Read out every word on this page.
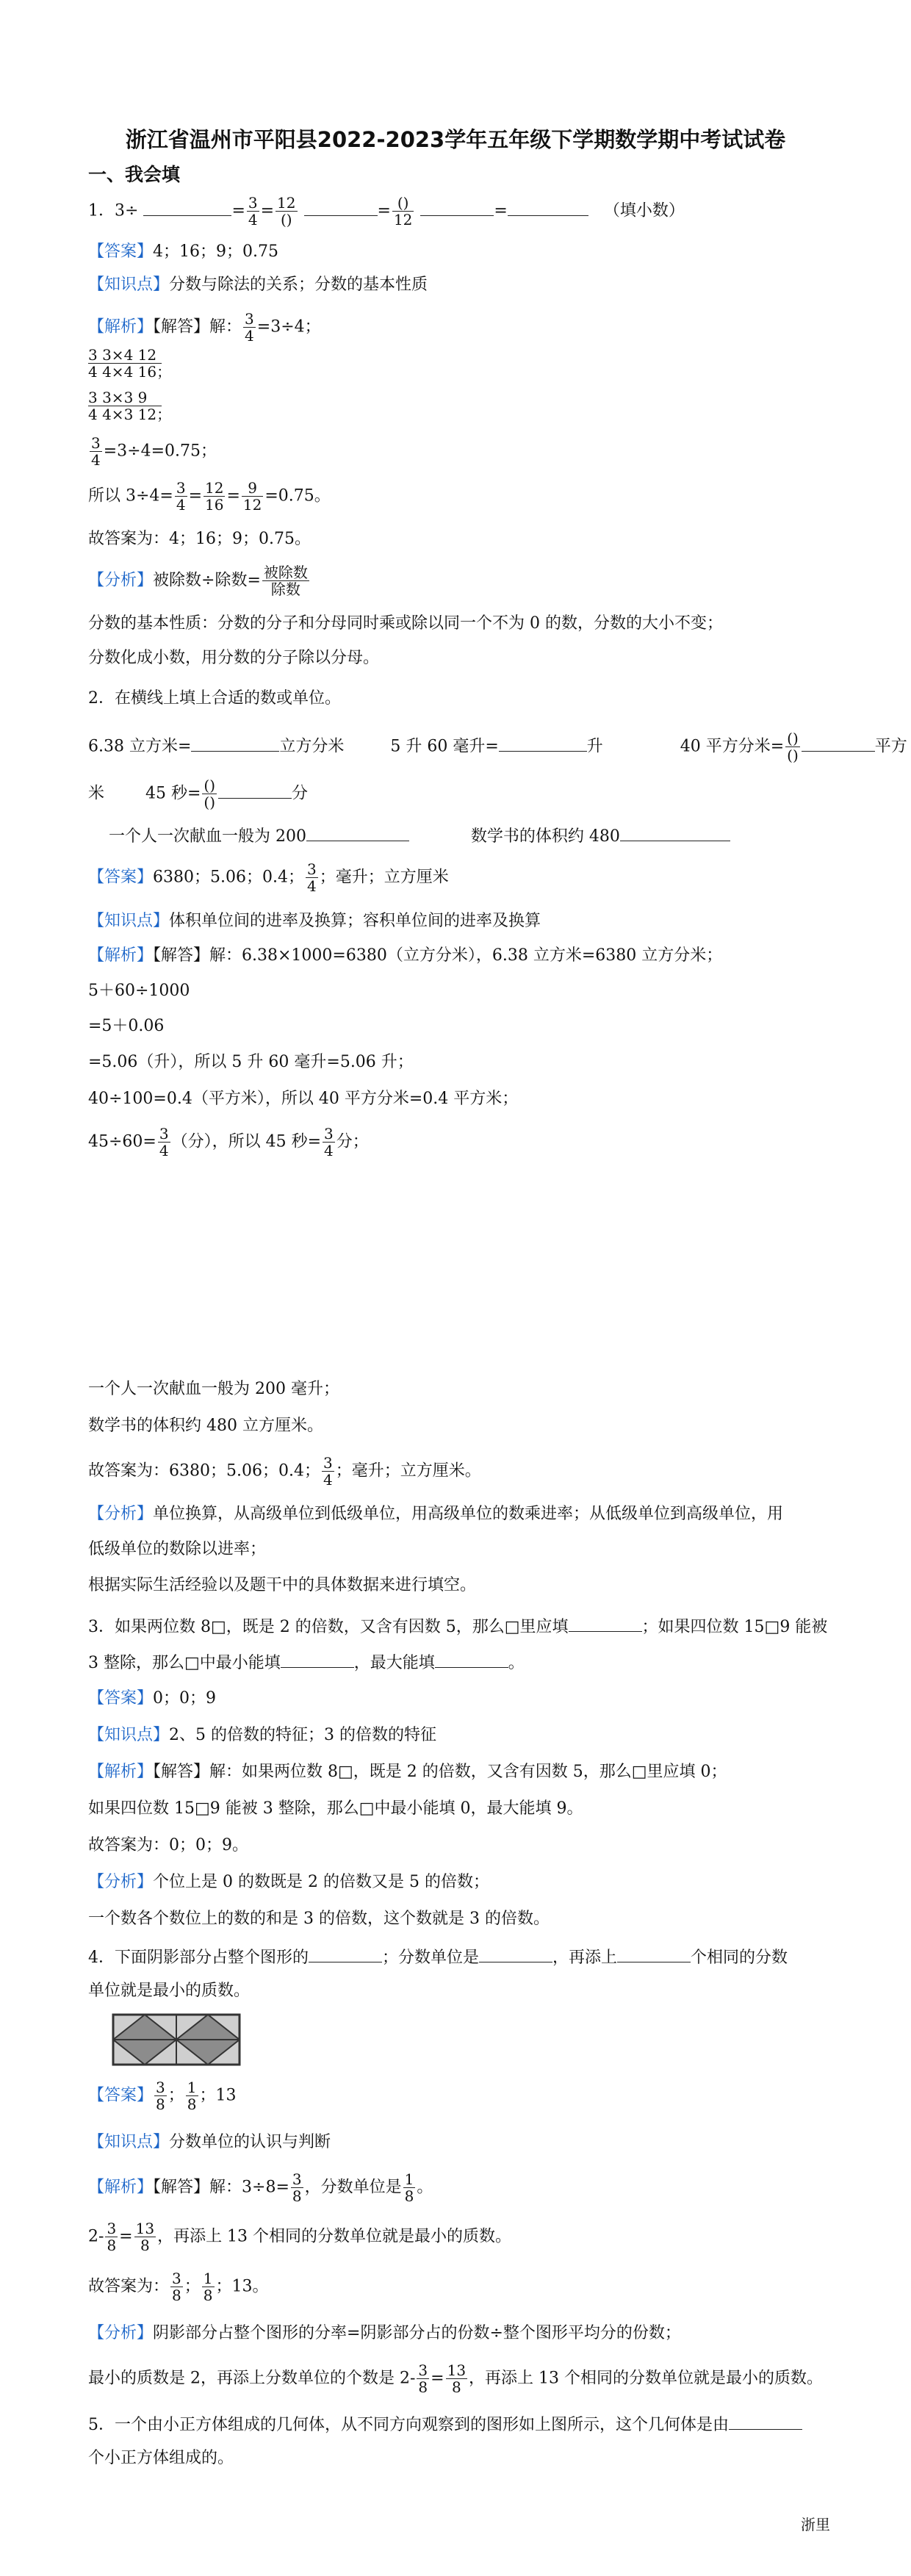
浙江省温州市平阳县2022-2023学年五年级下学期数学期中考试试卷
一、我会填
1．3÷	= $\frac{3}{4} = \frac{12}{()}$	= $\frac{()}{12}$	=	（填小数）
【答案】4；16；9；0.75
【知识点】分数与除法的关系；分数的基本性质
【解析】【解答】解： $\frac{3}{4} =3\div 4$；
3 3×4 12
4 4×4 16；
3 3×3 9
4 4×3 12；
$\frac{3}{4} =3\div 4=0.75$；
所以 $3\div 4= \frac{3}{4} = \frac{12}{16} = \frac{9}{12} =0.75$。
故答案为：4；16；9；0.75。
【分析】被除数÷除数= $\frac{\text{被除数}}{\text{除数}}$
分数的基本性质：分数的分子和分母同时乘或除以同一个不为 0 的数，分数的大小不变；
分数化成小数，用分数的分子除以分母。
2．在横线上填上合适的数或单位。
6.38 立方米=	立方分米	5 升 60 毫升=	升	40 平方分米= $\frac{()}{()}$	平方
米	45 秒= $\frac{()}{()}$	分
一个人一次献血一般为 200	数学书的体积约 480
【答案】6380；5.06；0.4； $\frac{3}{4}$ ；毫升；立方厘米
【知识点】体积单位间的进率及换算；容积单位间的进率及换算
【解析】【解答】解：6.38×1000=6380（立方分米），6.38 立方米=6380 立方分米；
5＋60÷1000
=5＋0.06
=5.06（升），所以 5 升 60 毫升=5.06 升；
40÷100=0.4（平方米），所以 40 平方分米=0.4 平方米；
$45\div 60= \frac{3}{4}$ （分），所以 45 秒= $\frac{3}{4}$ 分；
一个人一次献血一般为 200 毫升；
数学书的体积约 480 立方厘米。
故答案为：6380；5.06；0.4； $\frac{3}{4}$ ；毫升；立方厘米。
【分析】单位换算，从高级单位到低级单位，用高级单位的数乘进率；从低级单位到高级单位，用
低级单位的数除以进率；
根据实际生活经验以及题干中的具体数据来进行填空。
3．如果两位数 8□，既是 2 的倍数，又含有因数 5，那么□里应填	；如果四位数 15□9 能被
3 整除，那么□中最小能填	，最大能填	。
【答案】0；0；9
【知识点】2、5 的倍数的特征；3 的倍数的特征
【解析】【解答】解：如果两位数 8□，既是 2 的倍数，又含有因数 5，那么□里应填 0；
如果四位数 15□9 能被 3 整除，那么□中最小能填 0，最大能填 9。
故答案为：0；0；9。
【分析】个位上是 0 的数既是 2 的倍数又是 5 的倍数；
一个数各个数位上的数的和是 3 的倍数，这个数就是 3 的倍数。
4．下面阴影部分占整个图形的	；分数单位是	，再添上	个相同的分数
单位就是最小的质数。
【答案】 $\frac{3}{8}$ ； $\frac{1}{8}$ ；13
【知识点】分数单位的认识与判断
【解析】【解答】解：$3\div 8= \frac{3}{8}$ ，分数单位是 $\frac{1}{8}$ 。
$2- \frac{3}{8} = \frac{13}{8}$ ，再添上 13 个相同的分数单位就是最小的质数。
故答案为： $\frac{3}{8}$ ； $\frac{1}{8}$ ；13。
【分析】阴影部分占整个图形的分率=阴影部分占的份数÷整个图形平均分的份数；
最小的质数是 2，再添上分数单位的个数是 $2- \frac{3}{8} = \frac{13}{8}$ ，再添上 13 个相同的分数单位就是最小的质数。
5．一个由小正方体组成的几何体，从不同方向观察到的图形如上图所示，这个几何体是由
个小正方体组成的。
浙里
